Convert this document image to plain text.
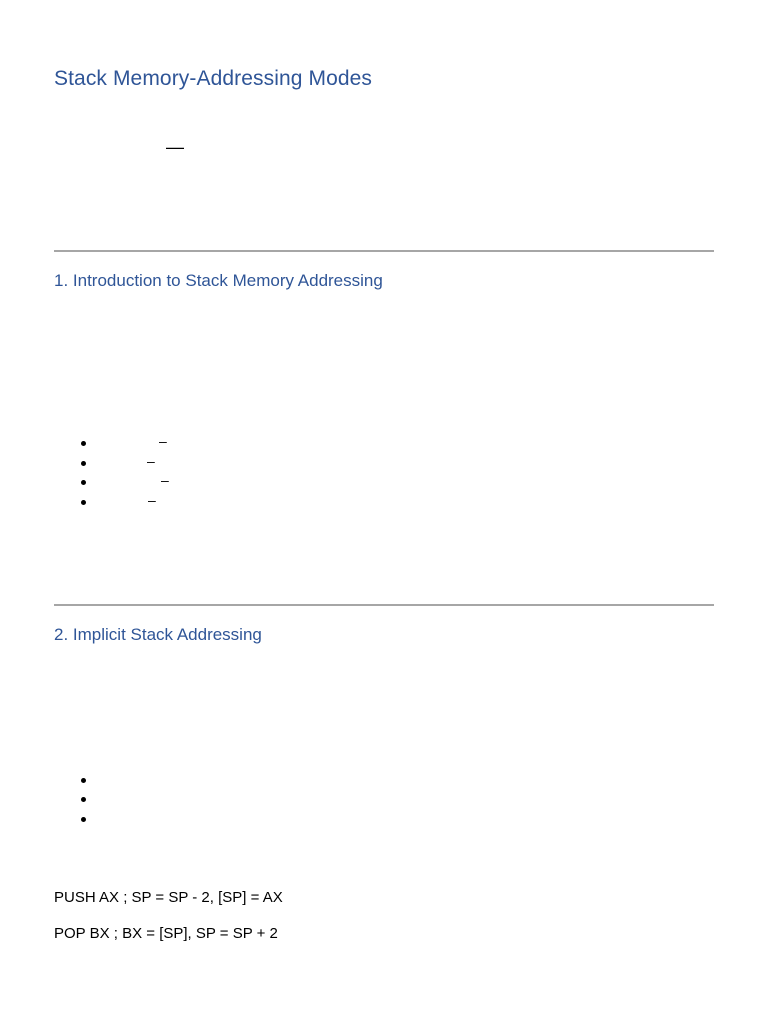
Stack Memory-Addressing Modes
—
1. Introduction to Stack Memory Addressing
–
–
–
–
2. Implicit Stack Addressing

PUSH AX ; SP = SP - 2, [SP] = AX

POP BX ; BX = [SP], SP = SP + 2
